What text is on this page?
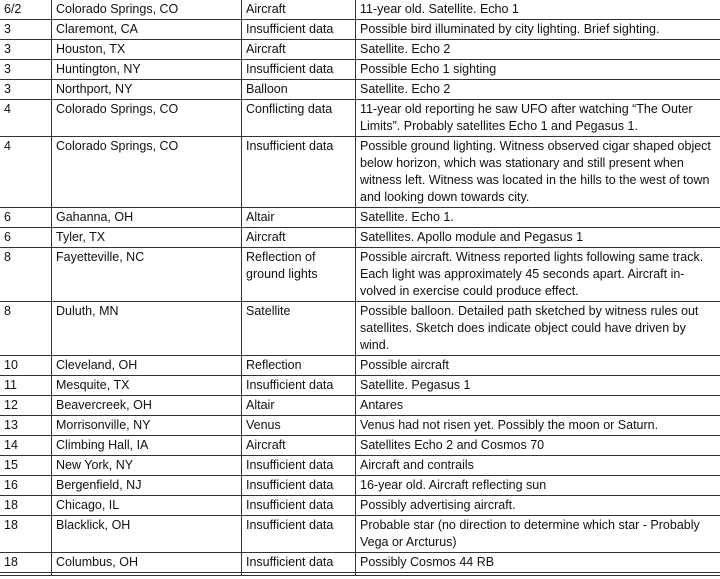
6/2	Colorado Springs, CO	Aircraft	11-year old. Satellite. Echo 1
3	Claremont, CA	Insufficient data	Possible bird illuminated by city lighting. Brief sighting.
3	Houston, TX	Aircraft	Satellite. Echo 2
3	Huntington, NY	Insufficient data	Possible Echo 1 sighting
3	Northport, NY	Balloon	Satellite. Echo 2
4	Colorado Springs, CO	Conflicting data	11-year old reporting he saw UFO after watching “The Outer Limits”. Probably satellites Echo 1 and Pegasus 1.
4	Colorado Springs, CO	Insufficient data	Possible ground lighting. Witness observed cigar shaped object below horizon, which was stationary and still present when witness left. Witness was located in the hills to the west of town and looking down towards city.
6	Gahanna, OH	Altair	Satellite. Echo 1.
6	Tyler, TX	Aircraft	Satellites. Apollo module and Pegasus 1
8	Fayetteville, NC	Reflection of ground lights	Possible aircraft. Witness reported lights following same track. Each light was approximately 45 seconds apart. Aircraft in-volved in exercise could produce effect.
8	Duluth, MN	Satellite	Possible balloon. Detailed path sketched by witness rules out satellites. Sketch does indicate object could have driven by wind.
10	Cleveland, OH	Reflection	Possible aircraft
11	Mesquite, TX	Insufficient data	Satellite. Pegasus 1
12	Beavercreek, OH	Altair	Antares
13	Morrisonville, NY	Venus	Venus had not risen yet. Possibly the moon or Saturn.
14	Climbing Hall, IA	Aircraft	Satellites Echo 2 and Cosmos 70
15	New York, NY	Insufficient data	Aircraft and contrails
16	Bergenfield, NJ	Insufficient data	16-year old. Aircraft reflecting sun
18	Chicago, IL	Insufficient data	Possibly advertising aircraft.
18	Blacklick, OH	Insufficient data	Probable star (no direction to determine which star - Probably Vega or Arcturus)
18	Columbus, OH	Insufficient data	Possibly Cosmos 44 RB
